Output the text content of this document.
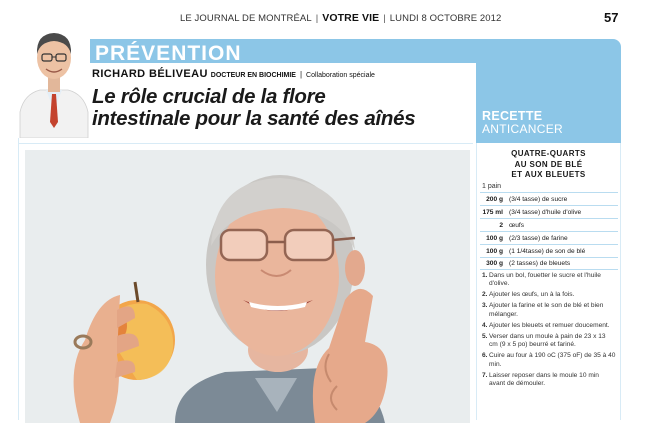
LE JOURNAL DE MONTRÉAL | VOTRE VIE | LUNDI 8 OCTOBRE 2012	57
PRÉVENTION
RICHARD BÉLIVEAU DOCTEUR EN BIOCHIMIE | Collaboration spéciale
Le rôle crucial de la flore
intestinale pour la santé des aînés	RECETTE
ANTICANCER
QUATRE-QUARTS
AU SON DE BLÉ
ET AUX BLEUETS
1 pain
200 g (3/4 tasse) de sucre
175 ml (3/4 tasse) d'huile d'olive
2 œufs
100 g (2/3 tasse) de farine
100 g (1 1/4tasse) de son de blé
300 g (2 tasses) de bleuets
1. Dans un bol, fouetter le sucre et l'huile d'olive.
2. Ajouter les œufs, un à la fois.
3. Ajouter la farine et le son de blé et bien mélanger.
4. Ajouter les bleuets et remuer doucement.
5. Verser dans un moule à pain de 23 x 13 cm (9 x 5 po) beurré et fariné.
6. Cuire au four à 190 oC (375 oF) de 35 à 40 min.
7. Laisser reposer dans le moule 10 min avant de démouler.
